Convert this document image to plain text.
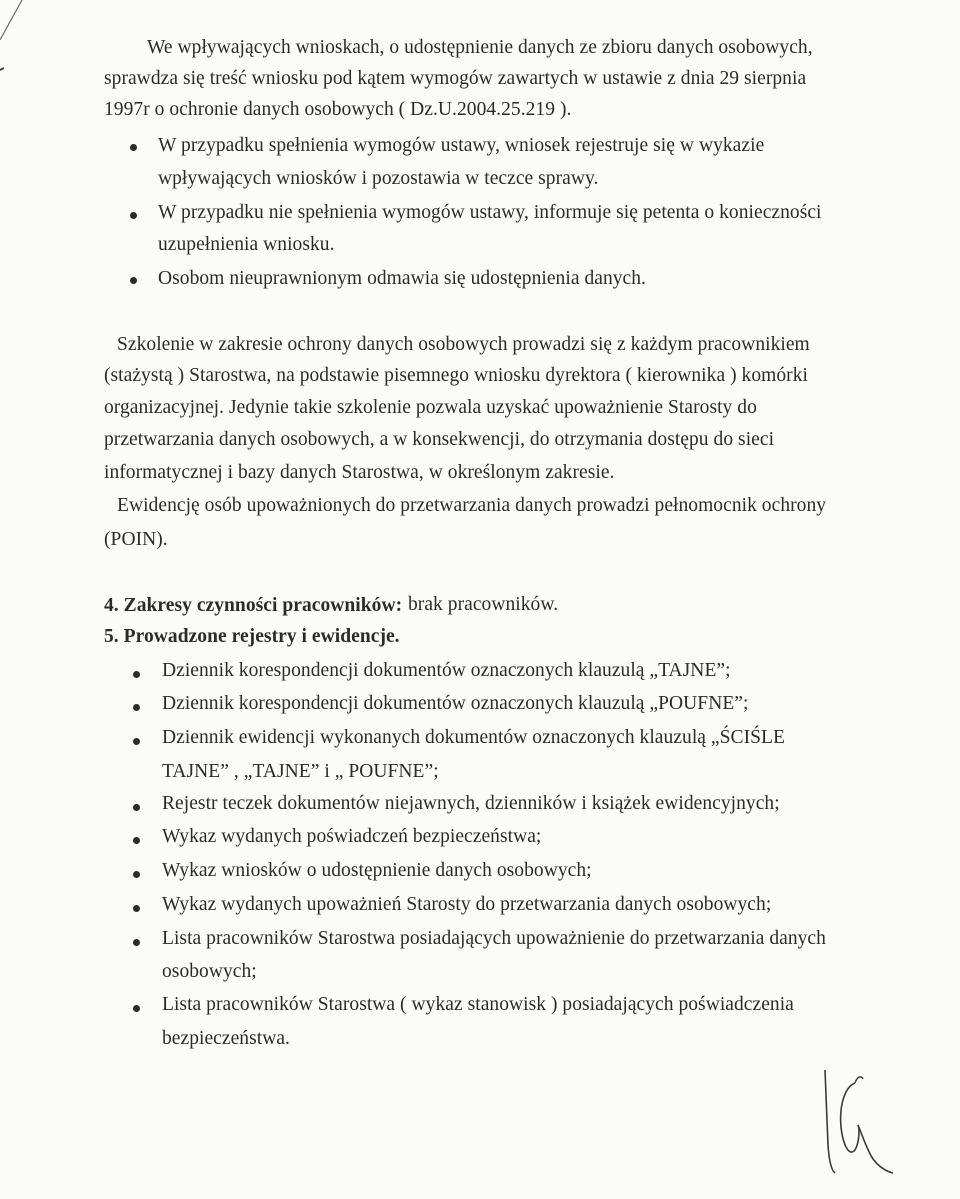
We wpływających wnioskach, o udostępnienie danych ze zbioru danych osobowych,
sprawdza się treść wniosku pod kątem wymogów zawartych w ustawie z dnia 29 sierpnia
1997r o ochronie danych osobowych ( Dz.U.2004.25.219 ).
W przypadku spełnienia wymogów ustawy, wniosek rejestruje się w wykazie
wpływających wniosków i pozostawia w teczce sprawy.
W przypadku nie spełnienia wymogów ustawy, informuje się petenta o konieczności
uzupełnienia wniosku.
Osobom nieuprawnionym odmawia się udostępnienia danych.
Szkolenie w zakresie ochrony danych osobowych prowadzi się z każdym pracownikiem
(stażystą ) Starostwa, na podstawie pisemnego wniosku dyrektora ( kierownika ) komórki
organizacyjnej. Jedynie takie szkolenie pozwala uzyskać upoważnienie Starosty do
przetwarzania danych osobowych, a w konsekwencji, do otrzymania dostępu do sieci
informatycznej i bazy danych Starostwa, w określonym zakresie.
Ewidencję osób upoważnionych do przetwarzania danych prowadzi pełnomocnik ochrony
(POIN).
4. Zakresy czynności pracowników: brak pracowników.
5. Prowadzone rejestry i ewidencje.
Dziennik korespondencji dokumentów oznaczonych klauzulą „TAJNE”;
Dziennik korespondencji dokumentów oznaczonych klauzulą „POUFNE”;
Dziennik ewidencji wykonanych dokumentów oznaczonych klauzulą „ŚCIŚLE
TAJNE” , „TAJNE” i „ POUFNE”;
Rejestr teczek dokumentów niejawnych, dzienników i książek ewidencyjnych;
Wykaz wydanych poświadczeń bezpieczeństwa;
Wykaz wniosków o udostępnienie danych osobowych;
Wykaz wydanych upoważnień Starosty do przetwarzania danych osobowych;
Lista pracowników Starostwa posiadających upoważnienie do przetwarzania danych
osobowych;
Lista pracowników Starostwa ( wykaz stanowisk ) posiadających poświadczenia
bezpieczeństwa.
